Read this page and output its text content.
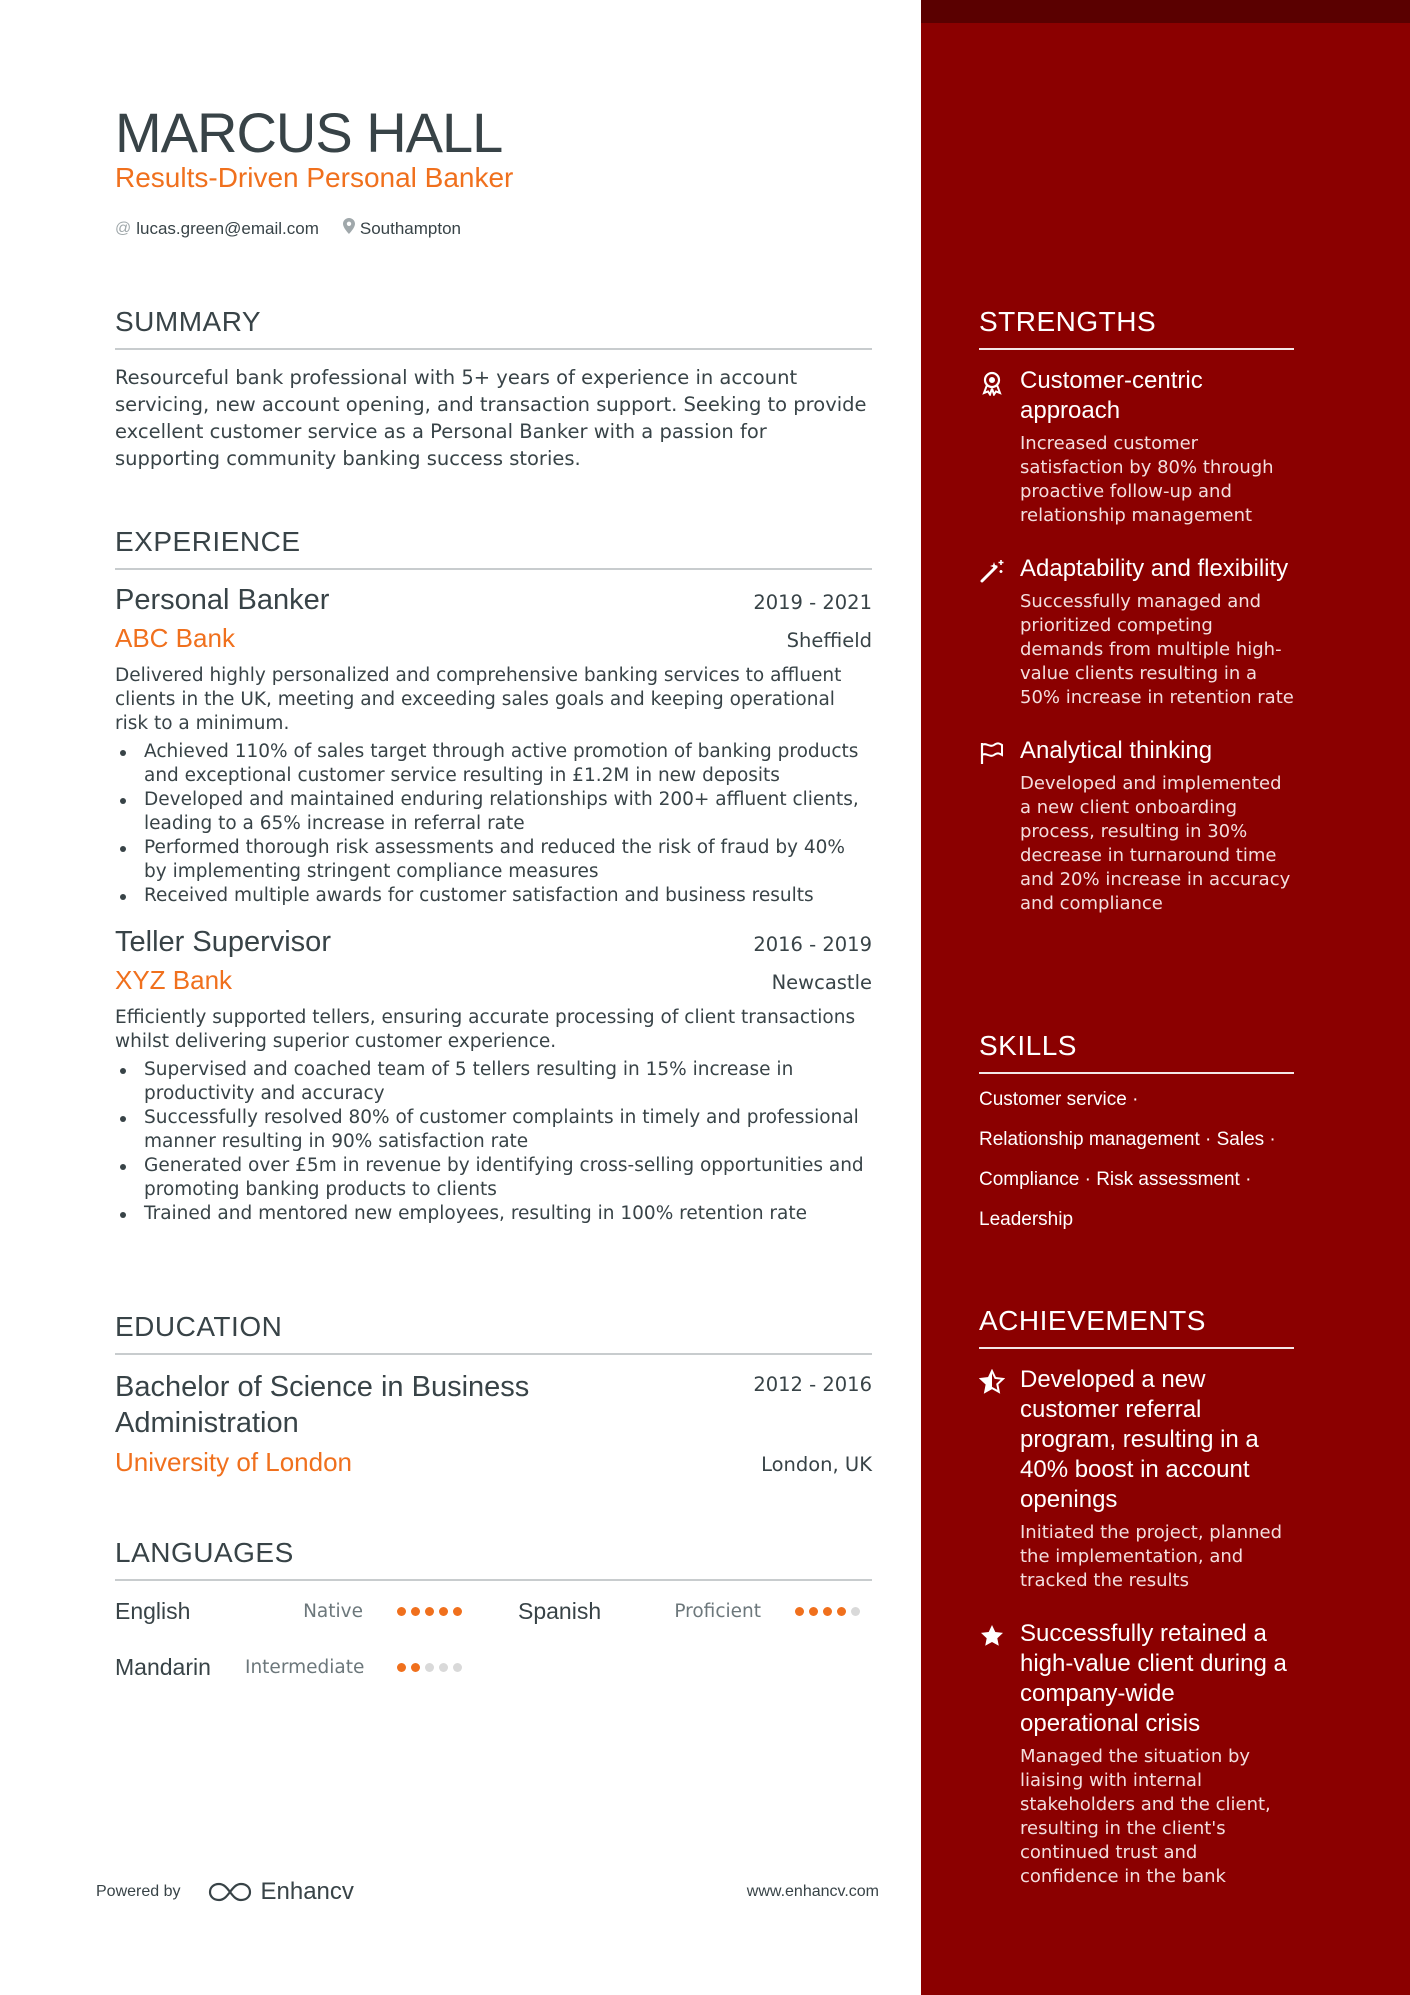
MARCUS HALL
Results-Driven Personal Banker
@ lucas.green@email.com Southampton
SUMMARY
Resourceful bank professional with 5+ years of experience in account servicing, new account opening, and transaction support. Seeking to provide excellent customer service as a Personal Banker with a passion for supporting community banking success stories.
EXPERIENCE
Personal Banker	2019 - 2021
ABC Bank	Sheffield
Delivered highly personalized and comprehensive banking services to affluent clients in the UK, meeting and exceeding sales goals and keeping operational risk to a minimum.
Achieved 110% of sales target through active promotion of banking products and exceptional customer service resulting in £1.2M in new deposits
Developed and maintained enduring relationships with 200+ affluent clients, leading to a 65% increase in referral rate
Performed thorough risk assessments and reduced the risk of fraud by 40% by implementing stringent compliance measures
Received multiple awards for customer satisfaction and business results
Teller Supervisor	2016 - 2019
XYZ Bank	Newcastle
Efficiently supported tellers, ensuring accurate processing of client transactions whilst delivering superior customer experience.
Supervised and coached team of 5 tellers resulting in 15% increase in productivity and accuracy
Successfully resolved 80% of customer complaints in timely and professional manner resulting in 90% satisfaction rate
Generated over £5m in revenue by identifying cross-selling opportunities and promoting banking products to clients
Trained and mentored new employees, resulting in 100% retention rate
EDUCATION
Bachelor of Science in Business
Administration
2012 - 2016
University of London	London, UK
LANGUAGES
English	Native	Spanish	Proficient
Mandarin	Intermediate
Powered by	Enhancv	www.enhancv.com
STRENGTHS
Customer-centric approach
Increased customer satisfaction by 80% through proactive follow-up and relationship management
Adaptability and flexibility
Successfully managed and prioritized competing demands from multiple high-value clients resulting in a 50% increase in retention rate
Analytical thinking
Developed and implemented a new client onboarding process, resulting in 30% decrease in turnaround time and 20% increase in accuracy and compliance
SKILLS
Customer service ·
Relationship management · Sales ·
Compliance · Risk assessment ·
Leadership
ACHIEVEMENTS
Developed a new customer referral program, resulting in a 40% boost in account openings
Initiated the project, planned the implementation, and tracked the results
Successfully retained a high-value client during a company-wide operational crisis
Managed the situation by liaising with internal stakeholders and the client, resulting in the client's continued trust and confidence in the bank
